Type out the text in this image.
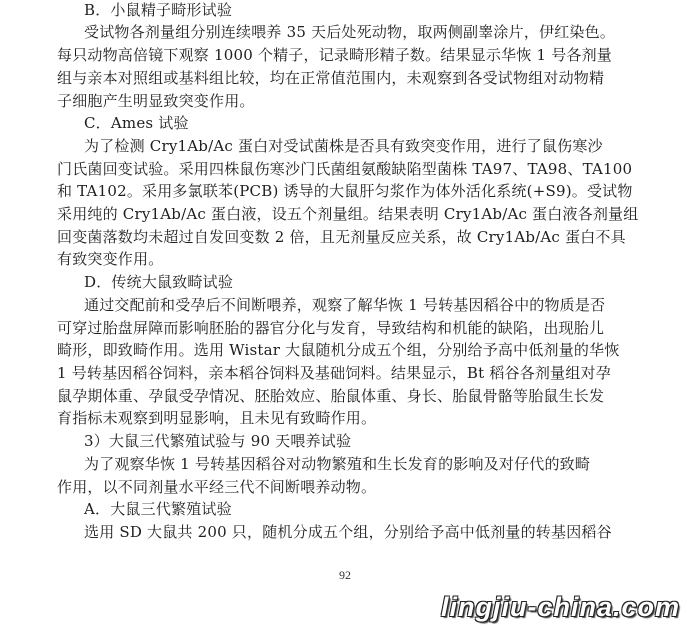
B．小鼠精子畸形试验
受试物各剂量组分别连续喂养 35 天后处死动物，取两侧副睾涂片，伊红染色。
每只动物高倍镜下观察 1000 个精子，记录畸形精子数。结果显示华恢 1 号各剂量
组与亲本对照组或基料组比较，均在正常值范围内，未观察到各受试物组对动物精
子细胞产生明显致突变作用。
C．Ames 试验
为了检测 Cry1Ab/Ac 蛋白对受试菌株是否具有致突变作用，进行了鼠伤寒沙
门氏菌回变试验。采用四株鼠伤寒沙门氏菌组氨酸缺陷型菌株 TA97、TA98、TA100
和 TA102。采用多氯联苯(PCB) 诱导的大鼠肝匀浆作为体外活化系统(+S9)。受试物
采用纯的 Cry1Ab/Ac 蛋白液，设五个剂量组。结果表明 Cry1Ab/Ac 蛋白液各剂量组
回变菌落数均未超过自发回变数 2 倍，且无剂量反应关系，故 Cry1Ab/Ac 蛋白不具
有致突变作用。
D．传统大鼠致畸试验
通过交配前和受孕后不间断喂养，观察了解华恢 1 号转基因稻谷中的物质是否
可穿过胎盘屏障而影响胚胎的器官分化与发育，导致结构和机能的缺陷，出现胎儿
畸形，即致畸作用。选用 Wistar 大鼠随机分成五个组，分别给予高中低剂量的华恢
1 号转基因稻谷饲料，亲本稻谷饲料及基础饲料。结果显示，Bt 稻谷各剂量组对孕
鼠孕期体重、孕鼠受孕情况、胚胎效应、胎鼠体重、身长、胎鼠骨骼等胎鼠生长发
育指标未观察到明显影响，且未见有致畸作用。
3）大鼠三代繁殖试验与 90 天喂养试验
为了观察华恢 1 号转基因稻谷对动物繁殖和生长发育的影响及对仔代的致畸
作用，以不同剂量水平经三代不间断喂养动物。
A．大鼠三代繁殖试验
选用 SD 大鼠共 200 只，随机分成五个组，分别给予高中低剂量的转基因稻谷
92
lingjiu-china.com
